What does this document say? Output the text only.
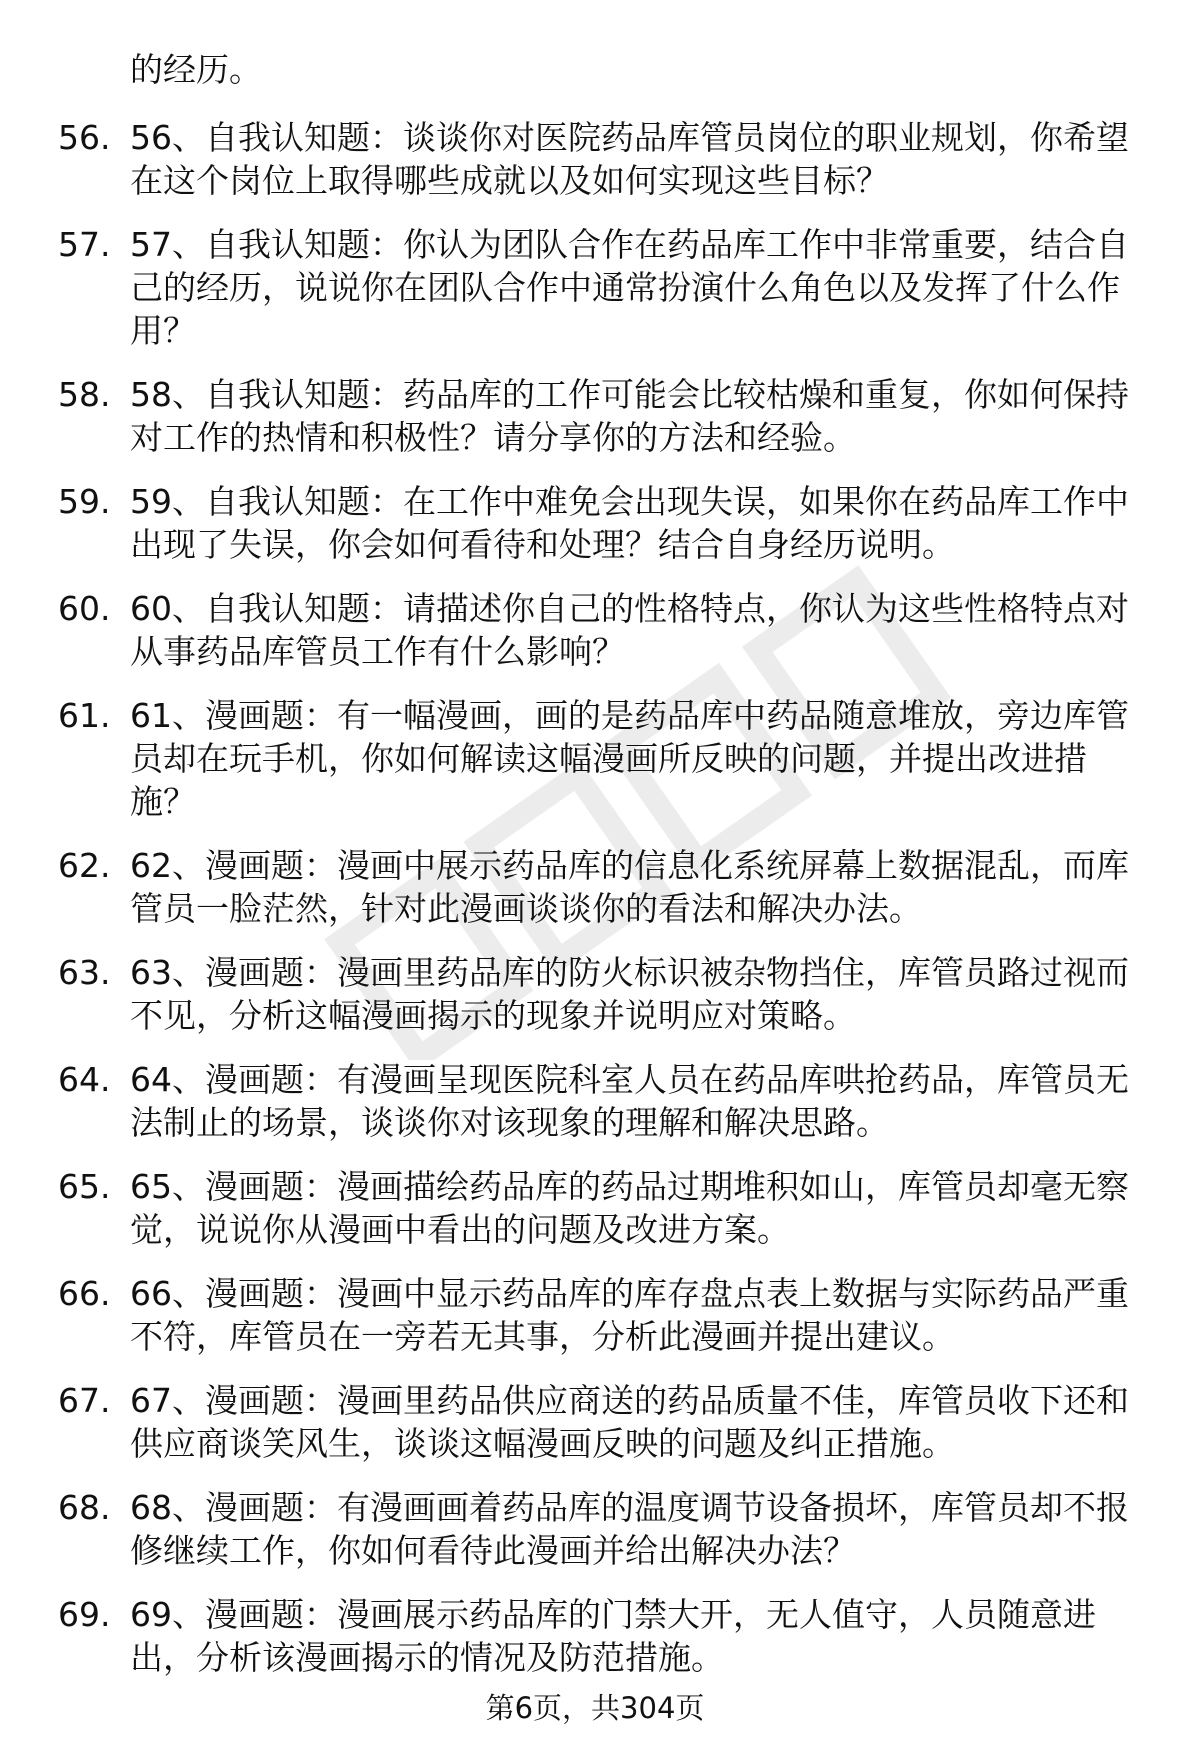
的经历。
56. 56、自我认知题：谈谈你对医院药品库管员岗位的职业规划，你希望在这个岗位上取得哪些成就以及如何实现这些目标？
57. 57、自我认知题：你认为团队合作在药品库工作中非常重要，结合自己的经历，说说你在团队合作中通常扮演什么角色以及发挥了什么作用？
58. 58、自我认知题：药品库的工作可能会比较枯燥和重复，你如何保持对工作的热情和积极性？请分享你的方法和经验。
59. 59、自我认知题：在工作中难免会出现失误，如果你在药品库工作中出现了失误，你会如何看待和处理？结合自身经历说明。
60. 60、自我认知题：请描述你自己的性格特点，你认为这些性格特点对从事药品库管员工作有什么影响？
61. 61、漫画题：有一幅漫画，画的是药品库中药品随意堆放，旁边库管员却在玩手机，你如何解读这幅漫画所反映的问题，并提出改进措施？
62. 62、漫画题：漫画中展示药品库的信息化系统屏幕上数据混乱，而库管员一脸茫然，针对此漫画谈谈你的看法和解决办法。
63. 63、漫画题：漫画里药品库的防火标识被杂物挡住，库管员路过视而不见，分析这幅漫画揭示的现象并说明应对策略。
64. 64、漫画题：有漫画呈现医院科室人员在药品库哄抢药品，库管员无法制止的场景，谈谈你对该现象的理解和解决思路。
65. 65、漫画题：漫画描绘药品库的药品过期堆积如山，库管员却毫无察觉，说说你从漫画中看出的问题及改进方案。
66. 66、漫画题：漫画中显示药品库的库存盘点表上数据与实际药品严重不符，库管员在一旁若无其事，分析此漫画并提出建议。
67. 67、漫画题：漫画里药品供应商送的药品质量不佳，库管员收下还和供应商谈笑风生，谈谈这幅漫画反映的问题及纠正措施。
68. 68、漫画题：有漫画画着药品库的温度调节设备损坏，库管员却不报修继续工作，你如何看待此漫画并给出解决办法？
69. 69、漫画题：漫画展示药品库的门禁大开，无人值守，人员随意进出，分析该漫画揭示的情况及防范措施。
第6页，共304页
